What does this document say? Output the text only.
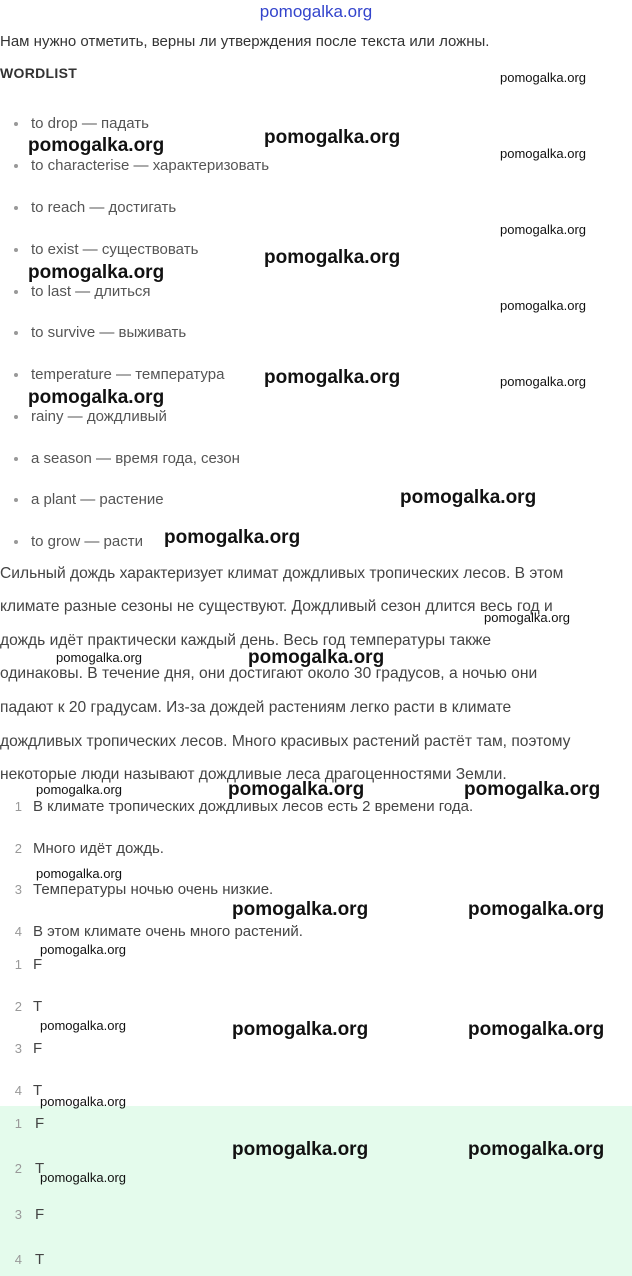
pomogalka.org
Нам нужно отметить, верны ли утверждения после текста или ложны.
WORDLIST
to drop — падать
to characterise — характеризовать
to reach — достигать
to exist — существовать
to last — длиться
to survive — выживать
temperature — температура
rainy — дождливый
a season — время года, сезон
a plant — растение
to grow — расти
Сильный дождь характеризует климат дождливых тропических лесов. В этом
климате разные сезоны не существуют. Дождливый сезон длится весь год и
дождь идёт практически каждый день. Весь год температуры также
одинаковы. В течение дня, они достигают около 30 градусов, а ночью они
падают к 20 градусам. Из-за дождей растениям легко расти в климате
дождливых тропических лесов. Много красивых растений растёт там, поэтому
некоторые люди называют дождливые леса драгоценностями Земли.
1 В климате тропических дождливых лесов есть 2 времени года.
2 Много идёт дождь.
3 Температуры ночью очень низкие.
4 В этом климате очень много растений.
1 F
2 T
3 F
4 T
1 F
2 T
3 F
4 T
pomogalka.org
pomogalka.org
pomogalka.org	pomogalka.org
pomogalka.org
pomogalka.org
pomogalka.org
pomogalka.org
pomogalka.org	pomogalka.org
pomogalka.org
pomogalka.org
pomogalka.org
pomogalka.org
pomogalka.org	pomogalka.org
pomogalka.org	pomogalka.org	pomogalka.org
pomogalka.org
pomogalka.org	pomogalka.org
pomogalka.org
pomogalka.org	pomogalka.org	pomogalka.org
pomogalka.org
pomogalka.org	pomogalka.org
pomogalka.org
